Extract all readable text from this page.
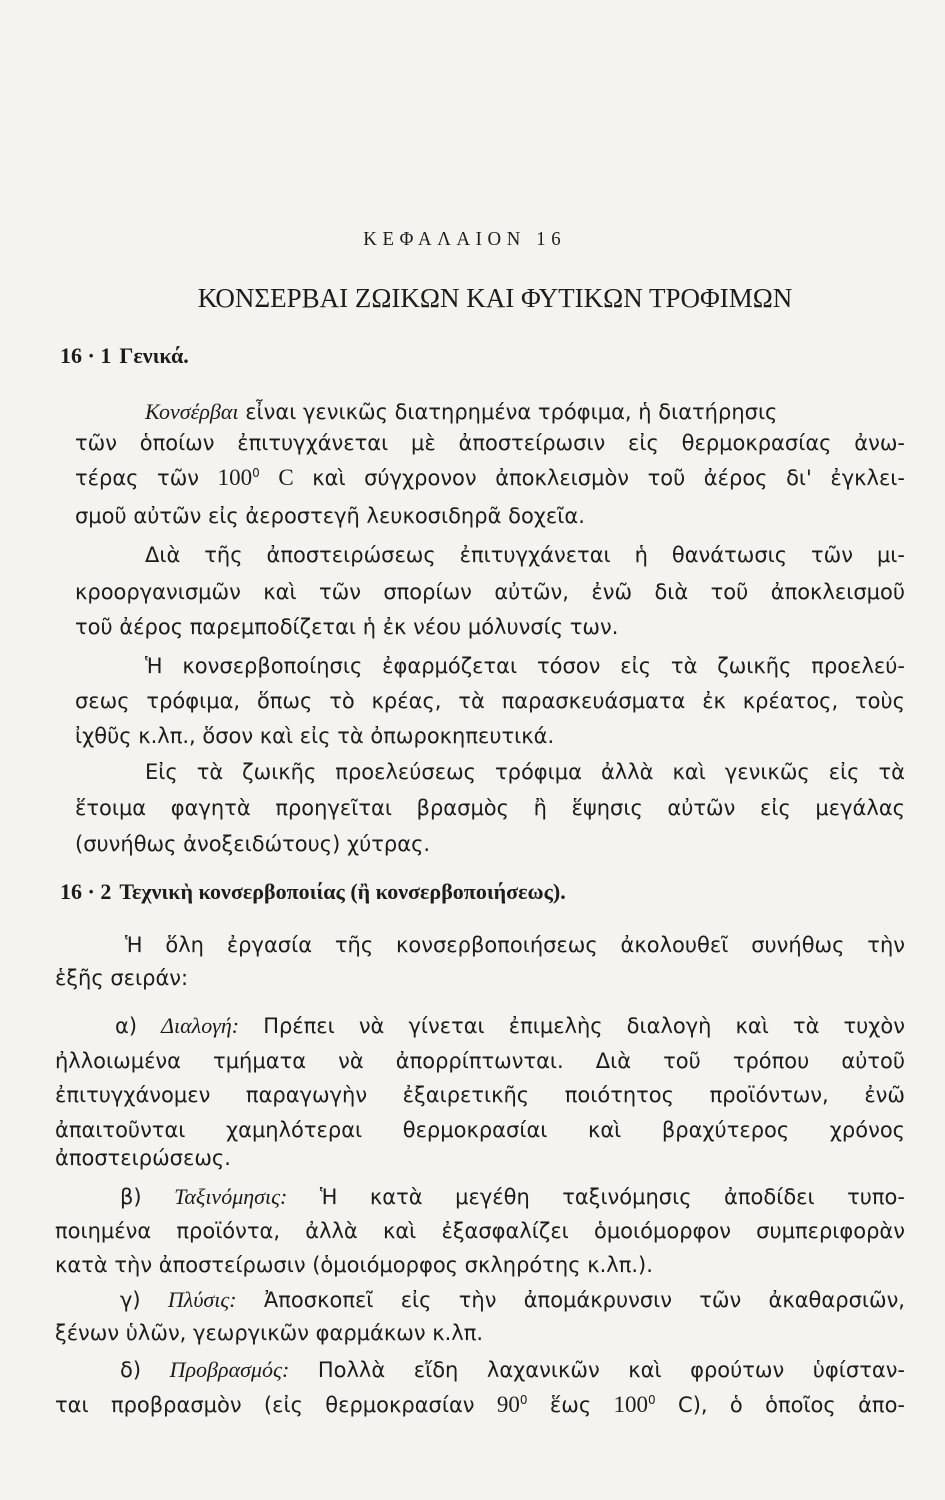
ΚΕΦΑΛΑΙΟΝ 16
ΚΟΝΣΕΡΒΑΙ ΖΩΙΚΩΝ ΚΑΙ ΦΥΤΙΚΩΝ ΤΡΟΦΙΜΩΝ
16 · 1 Γενικά.
Κονσέρβαι εἶναι γενικῶς διατηρημένα τρόφιμα, ἡ διατήρησις
τῶν ὁποίων ἐπιτυγχάνεται μὲ ἀποστείρωσιν εἰς θερμοκρασίας ἀνω-
τέρας τῶν $100^0$ C καὶ σύγχρονον ἀποκλεισμὸν τοῦ ἀέρος δι' ἐγκλει-
σμοῦ αὐτῶν εἰς ἀεροστεγῆ λευκοσιδηρᾶ δοχεῖα.
Διὰ τῆς ἀποστειρώσεως ἐπιτυγχάνεται ἡ θανάτωσις τῶν μι-
κροοργανισμῶν καὶ τῶν σπορίων αὐτῶν, ἐνῶ διὰ τοῦ ἀποκλεισμοῦ
τοῦ ἀέρος παρεμποδίζεται ἡ ἐκ νέου μόλυνσίς των.
Ἡ κονσερβοποίησις ἐφαρμόζεται τόσον εἰς τὰ ζωικῆς προελεύ-
σεως τρόφιμα, ὅπως τὸ κρέας, τὰ παρασκευάσματα ἐκ κρέατος, τοὺς
ἰχθῦς κ.λπ., ὅσον καὶ εἰς τὰ ὀπωροκηπευτικά.
Εἰς τὰ ζωικῆς προελεύσεως τρόφιμα ἀλλὰ καὶ γενικῶς εἰς τὰ
ἕτοιμα φαγητὰ προηγεῖται βρασμὸς ἢ ἕψησις αὐτῶν εἰς μεγάλας
(συνήθως ἀνοξειδώτους) χύτρας.
16 · 2 Τεχνικὴ κονσερβοποιίας (ἢ κονσερβοποιήσεως).
Ἡ ὅλη ἐργασία τῆς κονσερβοποιήσεως ἀκολουθεῖ συνήθως τὴν
ἑξῆς σειράν:
α) Διαλογή: Πρέπει νὰ γίνεται ἐπιμελὴς διαλογὴ καὶ τὰ τυχὸν
ἠλλοιωμένα τμήματα νὰ ἀπορρίπτωνται. Διὰ τοῦ τρόπου αὐτοῦ
ἐπιτυγχάνομεν παραγωγὴν ἐξαιρετικῆς ποιότητος προϊόντων, ἐνῶ
ἀπαιτοῦνται χαμηλότεραι θερμοκρασίαι καὶ βραχύτερος χρόνος
ἀποστειρώσεως.
β) Ταξινόμησις: Ἡ κατὰ μεγέθη ταξινόμησις ἀποδίδει τυπο-
ποιημένα προϊόντα, ἀλλὰ καὶ ἐξασφαλίζει ὁμοιόμορφον συμπεριφορὰν
κατὰ τὴν ἀποστείρωσιν (ὁμοιόμορφος σκληρότης κ.λπ.).
γ) Πλύσις: Ἀποσκοπεῖ εἰς τὴν ἀπομάκρυνσιν τῶν ἀκαθαρσιῶν,
ξένων ὑλῶν, γεωργικῶν φαρμάκων κ.λπ.
δ) Προβρασμός: Πολλὰ εἴδη λαχανικῶν καὶ φρούτων ὑφίσταν-
ται προβρασμὸν (εἰς θερμοκρασίαν $90^0$ ἕως $100^0$ C), ὁ ὁποῖος ἀπο-
